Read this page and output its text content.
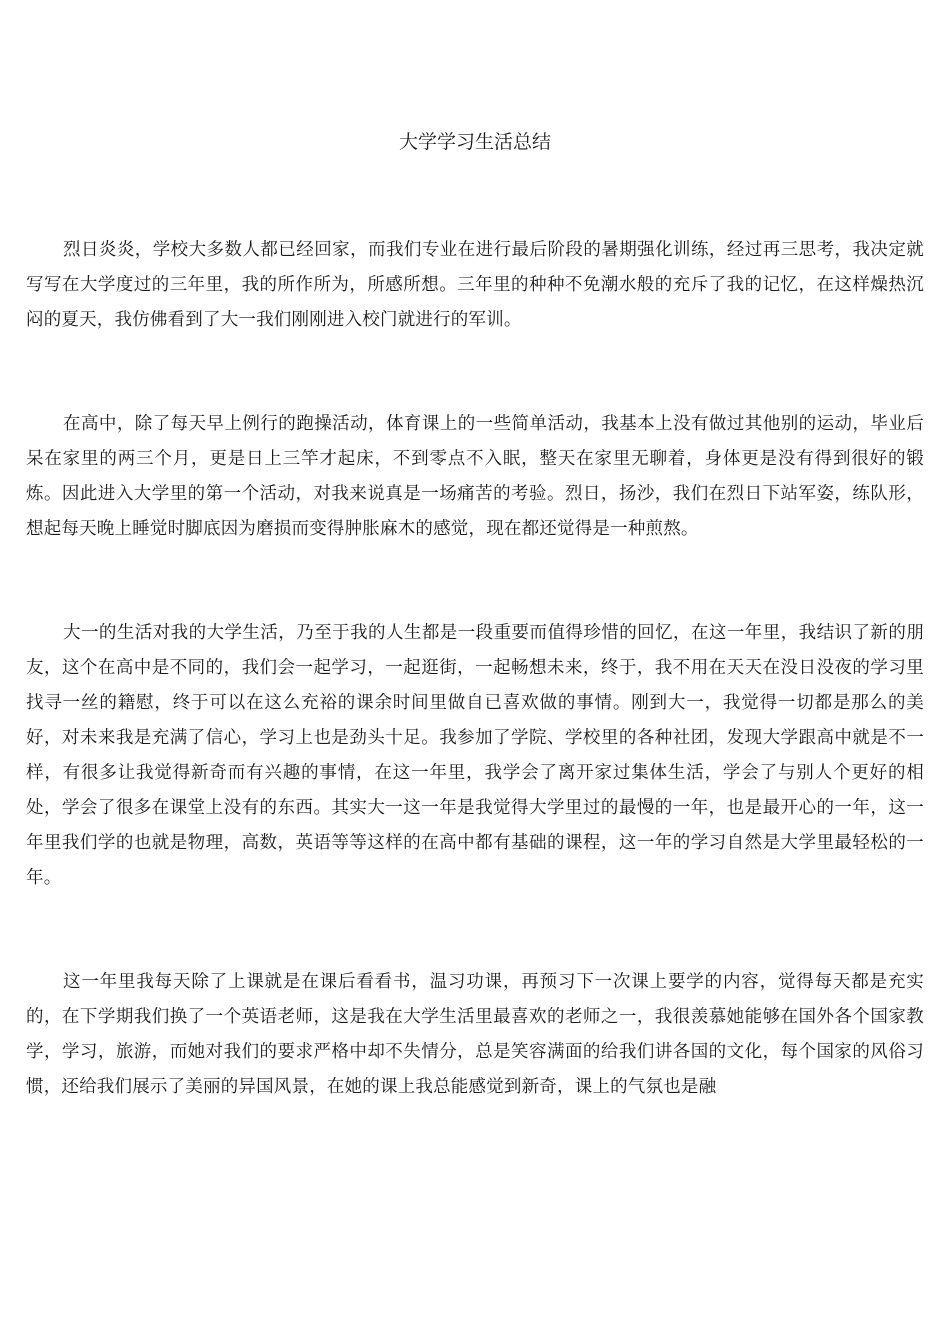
大学学习生活总结

烈日炎炎，学校大多数人都已经回家，而我们专业在进行最后阶段的暑期强化训练，经过再三思考，我决定就写写在大学度过的三年里，我的所作所为，所感所想。三年里的种种不免潮水般的充斥了我的记忆，在这样燥热沉闷的夏天，我仿佛看到了大一我们刚刚进入校门就进行的军训。

在高中，除了每天早上例行的跑操活动，体育课上的一些简单活动，我基本上没有做过其他别的运动，毕业后呆在家里的两三个月，更是日上三竿才起床，不到零点不入眠，整天在家里无聊着，身体更是没有得到很好的锻炼。因此进入大学里的第一个活动，对我来说真是一场痛苦的考验。烈日，扬沙，我们在烈日下站军姿，练队形，想起每天晚上睡觉时脚底因为磨损而变得肿胀麻木的感觉，现在都还觉得是一种煎熬。

大一的生活对我的大学生活，乃至于我的人生都是一段重要而值得珍惜的回忆，在这一年里，我结识了新的朋友，这个在高中是不同的，我们会一起学习，一起逛街，一起畅想未来，终于，我不用在天天在没日没夜的学习里找寻一丝的籍慰，终于可以在这么充裕的课余时间里做自已喜欢做的事情。刚到大一，我觉得一切都是那么的美好，对未来我是充满了信心，学习上也是劲头十足。我参加了学院、学校里的各种社团，发现大学跟高中就是不一样，有很多让我觉得新奇而有兴趣的事情，在这一年里，我学会了离开家过集体生活，学会了与别人个更好的相处，学会了很多在课堂上没有的东西。其实大一这一年是我觉得大学里过的最慢的一年，也是最开心的一年，这一年里我们学的也就是物理，高数，英语等等这样的在高中都有基础的课程，这一年的学习自然是大学里最轻松的一年。

这一年里我每天除了上课就是在课后看看书，温习功课，再预习下一次课上要学的内容，觉得每天都是充实的，在下学期我们换了一个英语老师，这是我在大学生活里最喜欢的老师之一，我很羡慕她能够在国外各个国家教学，学习，旅游，而她对我们的要求严格中却不失情分，总是笑容满面的给我们讲各国的文化，每个国家的风俗习惯，还给我们展示了美丽的异国风景，在她的课上我总能感觉到新奇，课上的气氛也是融
